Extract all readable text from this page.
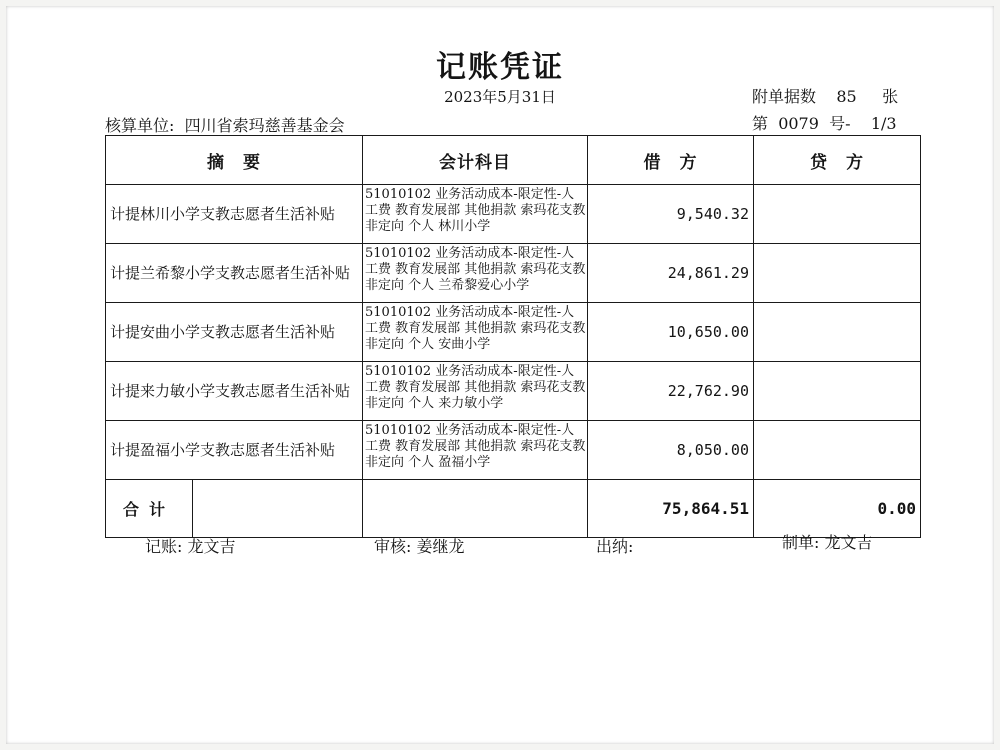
记账凭证
2023年5月31日	附单据数 85 张
核算单位: 四川省索玛慈善基金会	第 0079 号- 1/3
摘　要	会计科目	借　方	贷　方
计提林川小学支教志愿者生活补贴	51010102 业务活动成本-限定性-人工费 教育发展部 其他捐款 索玛花支教 非定向 个人 林川小学	9,540.32	
计提兰希黎小学支教志愿者生活补贴	51010102 业务活动成本-限定性-人工费 教育发展部 其他捐款 索玛花支教 非定向 个人 兰希黎爱心小学	24,861.29	
计提安曲小学支教志愿者生活补贴	51010102 业务活动成本-限定性-人工费 教育发展部 其他捐款 索玛花支教 非定向 个人 安曲小学	10,650.00	
计提来力敏小学支教志愿者生活补贴	51010102 业务活动成本-限定性-人工费 教育发展部 其他捐款 索玛花支教 非定向 个人 来力敏小学	22,762.90	
计提盈福小学支教志愿者生活补贴	51010102 业务活动成本-限定性-人工费 教育发展部 其他捐款 索玛花支教 非定向 个人 盈福小学	8,050.00	

合计		75,864.51	0.00
记账: 龙文吉	审核: 姜继龙	出纳:	制单: 龙文吉
